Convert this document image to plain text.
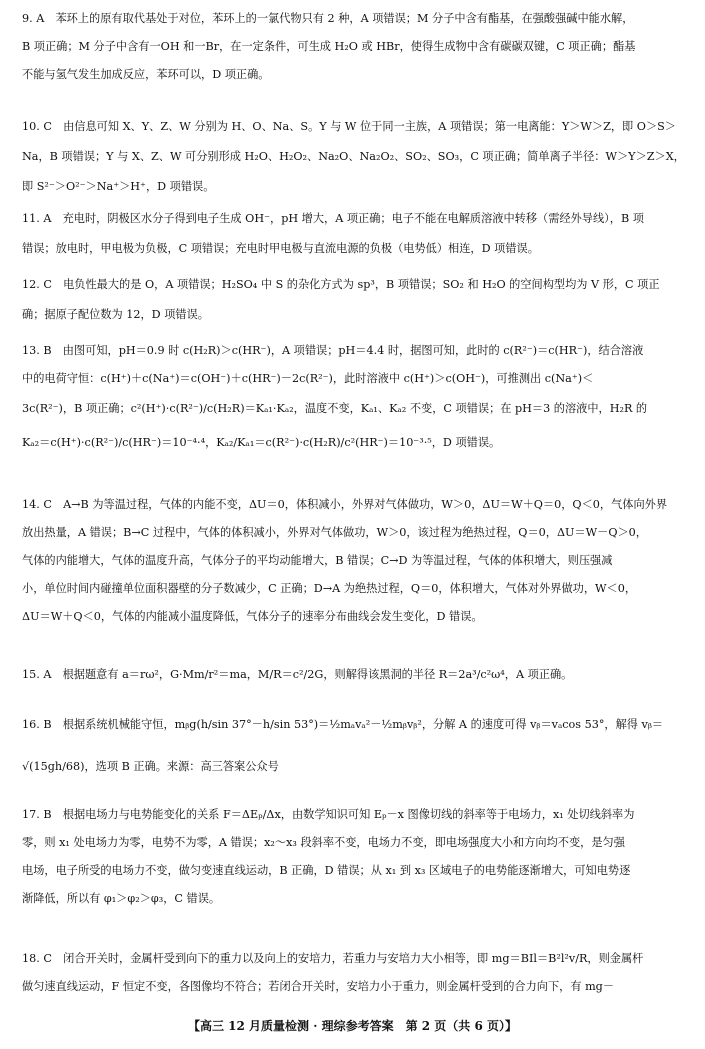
9. A　苯环上的原有取代基处于对位，苯环上的一氯代物只有 2 种，A 项错误；M 分子中含有酯基，在强酸强碱中能水解，
B 项正确；M 分子中含有一OH 和一Br，在一定条件，可生成 H₂O 或 HBr，使得生成物中含有碳碳双键，C 项正确；酯基
不能与氢气发生加成反应，苯环可以，D 项正确。
10. C　由信息可知 X、Y、Z、W 分别为 H、O、Na、S。Y 与 W 位于同一主族，A 项错误；第一电离能：Y＞W＞Z，即 O＞S＞
Na，B 项错误；Y 与 X、Z、W 可分别形成 H₂O、H₂O₂、Na₂O、Na₂O₂、SO₂、SO₃，C 项正确；简单离子半径：W＞Y＞Z＞X，
即 S²⁻＞O²⁻＞Na⁺＞H⁺，D 项错误。
11. A　充电时，阴极区水分子得到电子生成 OH⁻，pH 增大，A 项正确；电子不能在电解质溶液中转移（需经外导线），B 项
错误；放电时，甲电极为负极，C 项错误；充电时甲电极与直流电源的负极（电势低）相连，D 项错误。
12. C　电负性最大的是 O，A 项错误；H₂SO₄ 中 S 的杂化方式为 sp³，B 项错误；SO₂ 和 H₂O 的空间构型均为 V 形，C 项正
确；据原子配位数为 12，D 项错误。
13. B　由图可知，pH＝0.9 时 c(H₂R)＞c(HR⁻)，A 项错误；pH＝4.4 时，据图可知，此时的 c(R²⁻)＝c(HR⁻)，结合溶液
中的电荷守恒：c(H⁺)＋c(Na⁺)＝c(OH⁻)＋c(HR⁻)－2c(R²⁻)，此时溶液中 c(H⁺)＞c(OH⁻)，可推测出 c(Na⁺)＜
3c(R²⁻)，B 项正确；c²(H⁺)·c(R²⁻)/c(H₂R)＝Kₐ₁·Kₐ₂，温度不变，Kₐ₁、Kₐ₂ 不变，C 项错误；在 pH＝3 的溶液中，H₂R 的
Kₐ₂＝c(H⁺)·c(R²⁻)/c(HR⁻)＝10⁻⁴·⁴，Kₐ₂/Kₐ₁＝c(R²⁻)·c(H₂R)/c²(HR⁻)＝10⁻³·⁵，D 项错误。
14. C　A→B 为等温过程，气体的内能不变，ΔU＝0，体积减小，外界对气体做功，W＞0，ΔU＝W＋Q＝0，Q＜0，气体向外界
放出热量，A 错误；B→C 过程中，气体的体积减小，外界对气体做功，W＞0，该过程为绝热过程，Q＝0，ΔU＝W－Q＞0，
气体的内能增大，气体的温度升高，气体分子的平均动能增大，B 错误；C→D 为等温过程，气体的体积增大，则压强减
小，单位时间内碰撞单位面积器壁的分子数减少，C 正确；D→A 为绝热过程，Q＝0，体积增大，气体对外界做功，W＜0，
ΔU＝W＋Q＜0，气体的内能减小温度降低，气体分子的速率分布曲线会发生变化，D 错误。
15. A　根据题意有 a＝rω²，G·Mm/r²＝ma，M/R＝c²/2G，则解得该黑洞的半径 R＝2a³/c²ω⁴，A 项正确。
16. B　根据系统机械能守恒，mᵦg(h/sin 37°－h/sin 53°)＝½mₐvₐ²－½mᵦvᵦ²，分解 A 的速度可得 vᵦ＝vₐcos 53°，解得 vᵦ＝
√(15gh/68)，选项 B 正确。来源：高三答案公众号
17. B　根据电场力与电势能变化的关系 F＝ΔEₚ/Δx，由数学知识可知 Eₚ－x 图像切线的斜率等于电场力，x₁ 处切线斜率为
零，则 x₁ 处电场力为零，电势不为零，A 错误；x₂～x₃ 段斜率不变，电场力不变，即电场强度大小和方向均不变，是匀强
电场，电子所受的电场力不变，做匀变速直线运动，B 正确，D 错误；从 x₁ 到 x₃ 区域电子的电势能逐渐增大，可知电势逐
渐降低，所以有 φ₁＞φ₂＞φ₃，C 错误。
18. C　闭合开关时，金属杆受到向下的重力以及向上的安培力，若重力与安培力大小相等，即 mg＝BIl＝B²l²v/R，则金属杆
做匀速直线运动，F 恒定不变，各图像均不符合；若闭合开关时，安培力小于重力，则金属杆受到的合力向下，有 mg－
【高三 12 月质量检测 · 理综参考答案　第 2 页（共 6 页）】
